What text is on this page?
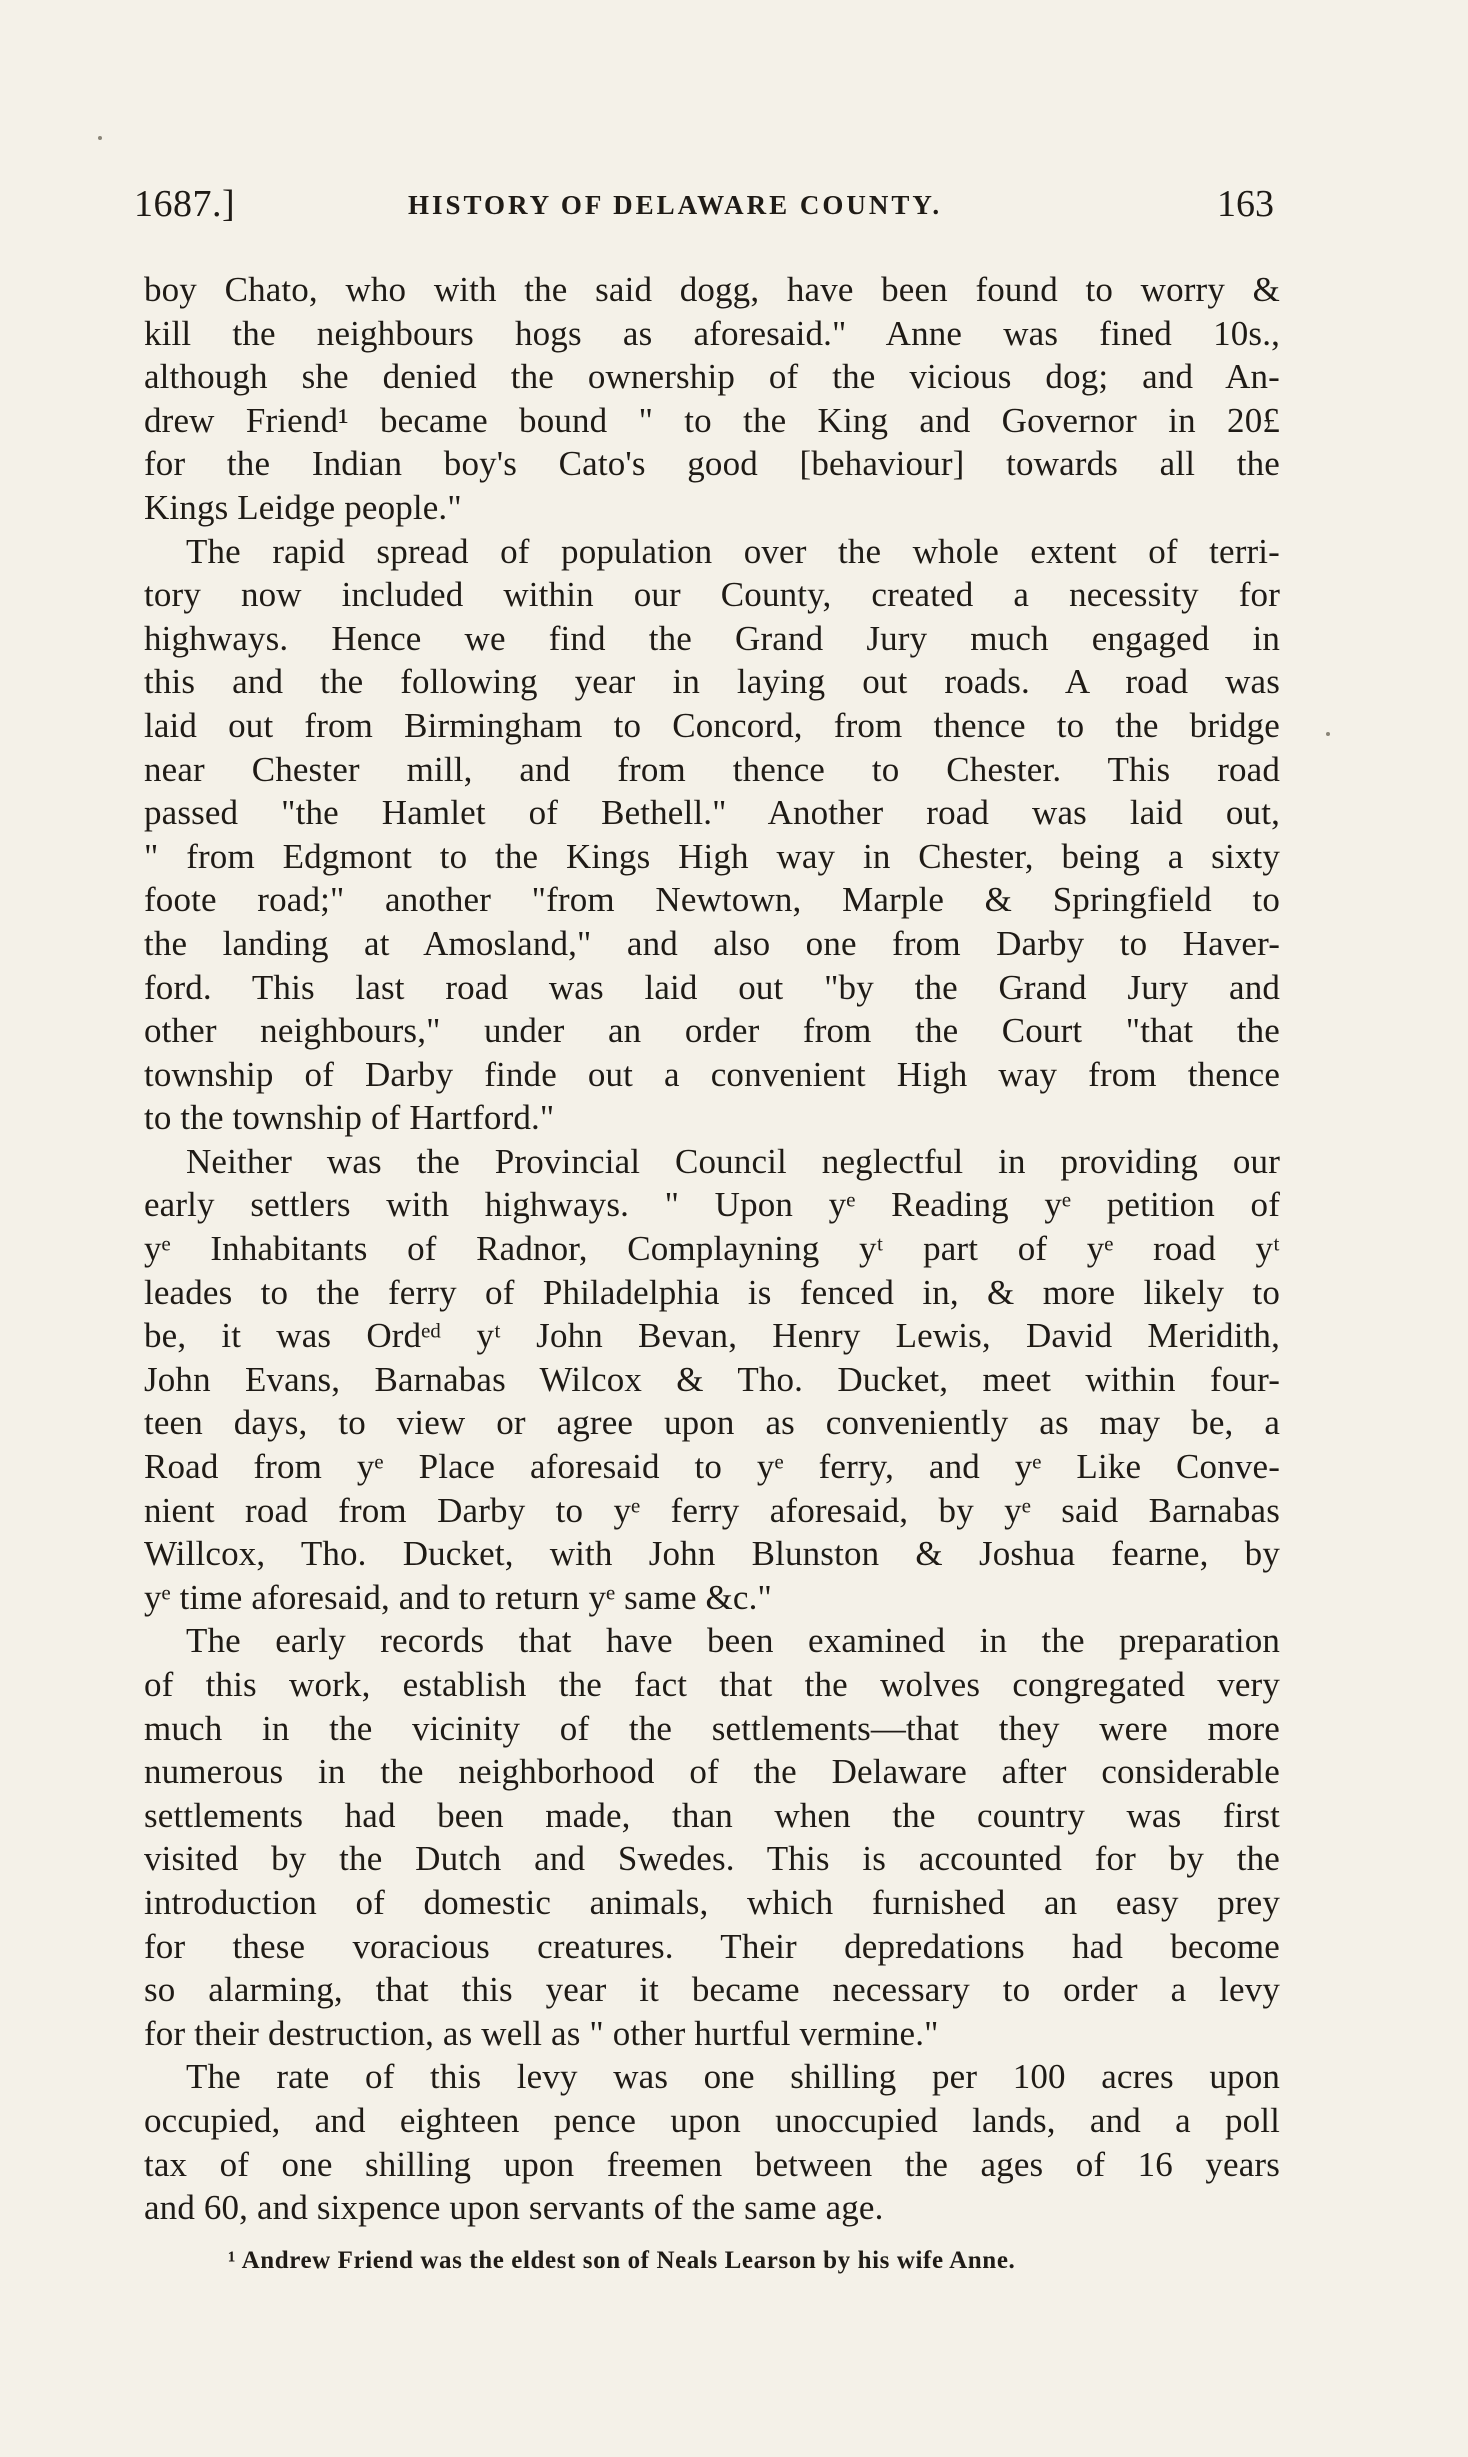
1687.]	HISTORY OF DELAWARE COUNTY.	163
boy Chato, who with the said dogg, have been found to worry &
kill the neighbours hogs as aforesaid." Anne was fined 10s.,
although she denied the ownership of the vicious dog; and An-
drew Friend¹ became bound " to the King and Governor in 20£
for the Indian boy's Cato's good [behaviour] towards all the
Kings Leidge people."
The rapid spread of population over the whole extent of terri-
tory now included within our County, created a necessity for
highways. Hence we find the Grand Jury much engaged in
this and the following year in laying out roads. A road was
laid out from Birmingham to Concord, from thence to the bridge
near Chester mill, and from thence to Chester. This road
passed "the Hamlet of Bethell." Another road was laid out,
" from Edgmont to the Kings High way in Chester, being a sixty
foote road;" another "from Newtown, Marple & Springfield to
the landing at Amosland," and also one from Darby to Haver-
ford. This last road was laid out "by the Grand Jury and
other neighbours," under an order from the Court "that the
township of Darby finde out a convenient High way from thence
to the township of Hartford."
Neither was the Provincial Council neglectful in providing our
early settlers with highways. " Upon yᵉ Reading yᵉ petition of
yᵉ Inhabitants of Radnor, Complayning yᵗ part of yᵉ road yᵗ
leades to the ferry of Philadelphia is fenced in, & more likely to
be, it was Ordᵉᵈ yᵗ John Bevan, Henry Lewis, David Meridith,
John Evans, Barnabas Wilcox & Tho. Ducket, meet within four-
teen days, to view or agree upon as conveniently as may be, a
Road from yᵉ Place aforesaid to yᵉ ferry, and yᵉ Like Conve-
nient road from Darby to yᵉ ferry aforesaid, by yᵉ said Barnabas
Willcox, Tho. Ducket, with John Blunston & Joshua fearne, by
yᵉ time aforesaid, and to return yᵉ same &c."
The early records that have been examined in the preparation
of this work, establish the fact that the wolves congregated very
much in the vicinity of the settlements—that they were more
numerous in the neighborhood of the Delaware after considerable
settlements had been made, than when the country was first
visited by the Dutch and Swedes. This is accounted for by the
introduction of domestic animals, which furnished an easy prey
for these voracious creatures. Their depredations had become
so alarming, that this year it became necessary to order a levy
for their destruction, as well as " other hurtful vermine."
The rate of this levy was one shilling per 100 acres upon
occupied, and eighteen pence upon unoccupied lands, and a poll
tax of one shilling upon freemen between the ages of 16 years
and 60, and sixpence upon servants of the same age.
¹ Andrew Friend was the eldest son of Neals Learson by his wife Anne.
